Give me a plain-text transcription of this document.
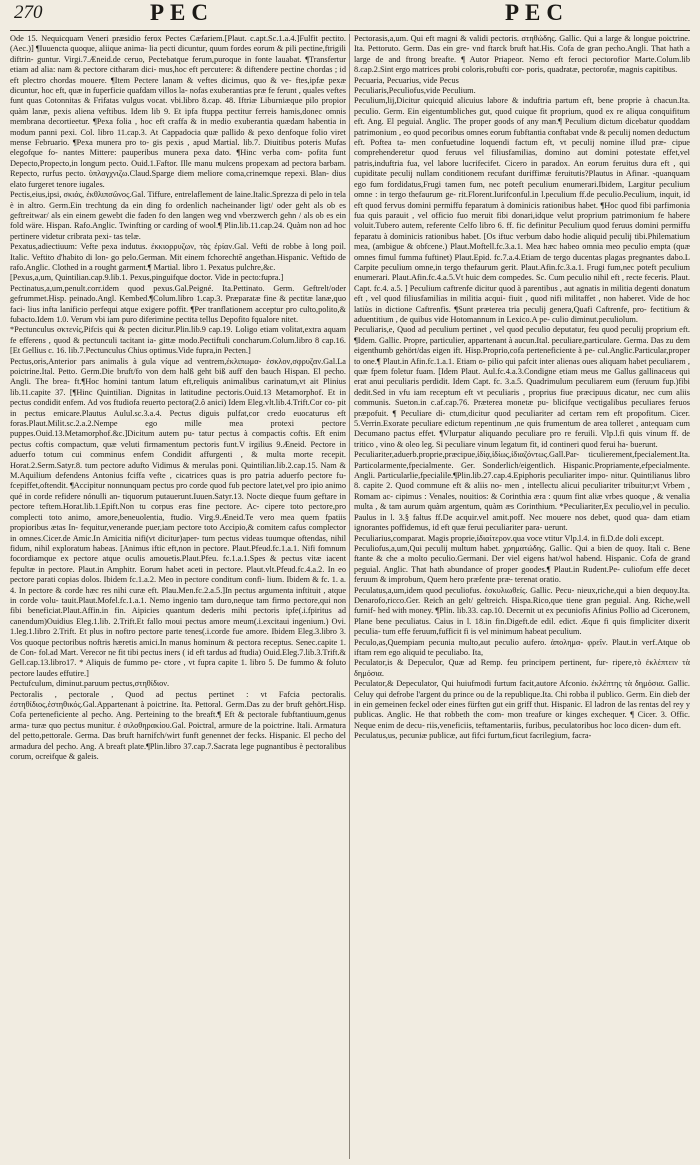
270	PEC	PEC

Ode 15. Nequicquam Veneri præsidio ferox Pectes Cæfariem.[Plaut. c.apt.Sc.1.a.4.]Fulfit pectito.(Aec.)] ¶Iuuencta quoque, aliique anima- lia pecti dicuntur, quum fordes eorum & pili pectine,ftrigili diftrin- guntur. Virgi.7.Æneid.de ceruo, Pectebatque ferum,puroque in fonte lauabat. ¶Transfertur etiam ad alia: nam & pectore citharam dici- mus,hoc eft percutere: & diftendere pectine chordas ; id eft plectro chordas mouere. ¶Item Pectere lanam & veftes dicimus, quo & ve- ftes,ipfæ pexæ dicuntur, hoc eft, quæ in fuperficie quafdam villos la- nofas exuberantias præ fe ferunt , quales veftes funt quas Cotonnitas & Frifatas vulgus vocat. vbi.libro 8.cap. 48. Iftriæ Liburniæque pilo propior quàm lanæ, pexis aliena veftibus. Idem lib 9. Et ipfa ftuppa pectitur ferreis hamis,donec omnis membrana decortieetur. ¶Pexa folia , hoc eft craffa & in medio exuberantia quædam habentia in modum panni pexi. Col. libro 11.cap.3. At Cappadocia quæ pallido & pexo denfoque folio viret mense Februario. ¶Pexa munera pro to- gis pexis , apud Martial. lib.7. Diuitibus poteris Mufas elegofque fo- nantes Mittere: pauperibus munera pexa dato. ¶Hinc verba com- pofita funt Depecto,Propecto,in longum pecto. Ouid.1.Faftor. Ille manu mulcens propexam ad pectora barbam. Repecto, rurfus pecto. ὑπλαγχνιζω.Claud.Sparge diem meliore coma,crinemque repexi. Blan- dius elato furgeret tenore iugales.

Pectis,eius,ipsi, σκιάς, ἐκθλιπσῶνος.Gal. Tiffure, entrelaflement de laine.Italic.Sprezza di pelo in tela è in altro. Germ.Ein trechtung da ein ding fo ordenlich nacheinander ligt/ oder geht als ob es geftreitwar/ als ein einem gewebt die faden fo den langen weg vnd vberzwerch gehn / als ob es ein fold wäre. Hispan. Rafo.Anglic. Twinfting or carding of wool.¶ Plin.lib.11.cap.24. Quàm non ad hoc pertinere videtur cribrata pexi- tas telæ.

Pexatus,adiectiuum: Vefte pexa indutus. ἐκκιορρυζων, τὰς ἐρίαν.Gal. Vefti de robbe à long poil. Italic. Veftito d'habito di lon- go pelo.German. Mit einem fchorechtē angethan.Hispanic. Veftido de rafo.Anglic. Clothed in a rought garment.¶ Martial. libro 1. Pexatus pulchre,&c.

[Pexus,a,um, Quintilian.cap.9.lib.1. Pexus,pinguifque doctor. Vide in pecto:fupra.]

Pectinatus,a,um,penult.corr.idem quod pexus.Gal.Peigné. Ita.Pettinato. Germ. Geftrelt/oder gefrummet.Hisp. peinado.Angl. Kembed.¶Colum.libro 1.cap.3. Præparatæ fine & pectitæ lanæ,quo faci- lius infta lanificio perfequi atque exigere poffit. ¶Per tranflationem acceptur pro culto,polito,& fubacto.Idem 1.0. Verum vbi iam puro diferimine pectita tellus Depofito fqualore nitet.

*Pectunculus σκτενίς,Pifcis qui & pecten dicitur.Plin.lib.9 cap.19. Loligo etiam volitat,extra aquam fe efferens , quod & pectunculi tacitant ia- gittæ modo.Pectiftuli concharum.Colum.libro 8 cap.16. [Et Gellius c. 16. lib.7.Pectunculus Chius optimus.Vide fupra,in Pecten.]

Pectus,oris,Anterior pars animalis à gula víque ad ventrem,ἐκλιπωμα- ἐσκλον,σφρυζαν.Gal.La poictrine.Ital. Petto. Germ.Die bruft/fo von dem halß geht biß auff den bauch Hispan. El pecho. Angli. The brea- ft.¶Hoc homini tantum latum eft,reliquis animalibus carinatum,vt ait Plinius lib.11.capite 37. [¶Hinc Quintilian. Dignitas in latitudine pectoris.Ouid.13 Metamorphof. Et in pectus condidit enfem. Ad vos ftudiofa reuerto pectora(2.ô anici) Idem Eleg.vlt.lib.4.Trift.Cor co- pit in pectus emicare.Plautus Aulul.sc.3.a.4. Pectus diguis pulfat,cor credo euocaturus eft foras.Plaut.Milit.sc.2.a.2.Nempe ego mille mea protexi pectore puppes.Ouid.13.Metamorphof.&c.]Dicitum autem pu- tatur pectus à compactis coftis. Eft enim pectus coftis compactum, quæ veluti firmamentum pectoris funt.V irgilius 9.Æneid. Pectore in aduerfo totum cui comminus enfem Condidit affurgenti , & multa morte recepit. Horat.2.Serm.Satyr.8. tum pectore adufto Vidimus & merulas poni. Quintilian.lib.2.cap.15. Nam & M.Aquilium defendens Antonius fciffa vefte , cicatrices quas is pro patria aduerfo pectore fu- fcepiffet,oftendit. ¶Accipitur nonnunquam pectus pro corde quod fub pectore latet,vel pro ipio animo qué in corde refidere nónulli an- tiquorum putauerunt.Iuuen.Satyr.13. Nocte dieque fuum geftare in pectore teftem.Horat.lib.1.Epift.Non tu corpus eras fine pectore. Ac- cipere toto pectore,pro complecti toto animo, amore,beneuolentia, ftudio. Virg.9.Æneid.Te vero mea quem fpatiis propioribus ætas In- fequitur,venerande puer,iam pectore toto Accipio,& comitem cafus complector in omnes.Cicer.de Amic.In Amicitia nifi(vt dicitur)aper- tum pectus videas tuumque oftendas, nihil fidum, nihil exploratum habeas. [Animus iftic eft,non in pectore. Plaut.Pfeud.fc.1.a.1. Nifi fomnum focordiamque ex pectore atque oculis amouetis.Plaut.Pfeu. fc.1.a.1.Spes & pectus vitæ iacent fepultæ in pectore. Plaut.in Amphitr. Eorum habet aceti in pectore. Plaut.vlt.Pfeud.fc.4.a.2. In eo pectore parati copias dolos. Ibidem fc.1.a.2. Meo in pectore conditum confi- lium. Ibidem & fc. 1. a. 4. In pectore & corde hæc res nihi curæ eft. Plau.Men.fc.2.a.5.]In pectus argumenta inftituit , atque in corde volu- tauit.Plaut.Mofel.fc.1.a.1. Nemo ingenio tam duro,neque tam firmo pectore,qui non fibi beneficiat.Plaut.Affin.in fin. Aipicies quantum dederis mihi pectoris ipfe(.i.fpiritus ad canendum)Ouidius Eleg.1.lib. 2.Trift.Et fallo moui pectus amore meum(.i.excitaui ingenium.) Ovi. 1.leg.1.libro 2.Trift. Et plus in noftro pectore parte tenes(.i.corde fue amore. Ibidem Eleg.3.libro 3. Vos quoque pectoribus noftris hæretis amici.In manus hominum & pectora receptus. Senec.capite 1. de Con- fol.ad Mart. Verecor ne fit tibi pectus iners ( id eft tardus ad ftudia) Ouid.Eleg.7.lib.3.Trift.& Gell.cap.13.libro17. * Aliquis de fummo pe- ctore , vt fupra capite 1. libro 5. De fummo & foluto pectore laudes effutire.]

Pectufculum, diminut.paruum pectus,στηθίδιον.

Pectoralis , pectorale , Quod ad pectus pertinet : vt Fafcia pectoralis. ἐστηθίδιος,ἐστηθικός.Gal.Appartenant à poictrine. Ita. Pettoral. Germ.Das zu der bruft gehört.Hisp. Cofa perteneficiente al pecho. Ang. Perteining to the breaft.¶ Eft & pectorale fubftantiuum,genus arma- turæ quo pectus munitur. ἐ σιλοθηρακίου.Gal. Poictral, armure de la poictrine. Itali. Armatura del petto,pettorale. Germa. Das bruft harnifch/wirt funft genennet der fecks. Hispanic. El pecho del armadura del pecho. Ang. A breaft plate.¶Plin.libro 37.cap.7.Sacrata lege pugnantibus è pectoralibus corum, ocreifque & galeis.

Pectorasis,a,um. Qui eft magni & validi pectoris. στηθώδης. Gallic. Qui a large & longue poictrine. Ita. Pettoruto. Germ. Das ein gre- vnd ftarck bruft hat.His. Cofa de gran pecho.Angli. That hath a large de and ftrong breafte. ¶ Autor Priapeor. Nemo eft feroci pectorofior Marte.Colum.lib 8.cap.2.Sint ergo matrices probi coloris,robufti cor- poris, quadratæ, pectorofæ, magnis capitibus.

Pecuaria, Pecuarius, vide Pecus

Peculiaris,Peculiofus,vide Peculium.

Peculium,lij,Dicitur quicquid alicuius labore & induftria partum eft, bene proprie à chacun.Ita. peculio. Germ. Ein eigentumbliches gut, quod cuique fit proprium, quod ex re aliqua conquifitum eft. Ang. El peguial. Anglic. The proper goods of any man.¶ Peculium dictum dicebatur quoddam patrimonium , eo quod pecoribus omnes eorum fubftantia conftabat vnde & peculij nomen deductum eft. Poftea ta- men confuetudine loquendi factum eft, vt peculij nomine illud præ- cipue comprehenderetur quod feruus vel filiusfamilias, domino aut domini potestate effet,vel patris,induftria fua, vel labore lucrifecifet. Cicero in paradox. An eorum feruitus dura eft , qui cupiditate peculij nullam conditionem recufant duriffimæ feruitutis?Plautus in Afinar. -quanquam ego fum fordidatus,Frugi tamen fum, nec poteft peculium enumerari.Ibidem, Largitur peculium omne : in tergo thefaurum ge- rit.Florent.Iurifconful.in l.peculium ff.de peculio.Peculium, inquit, id eft quod fervus domini permiffu feparatum à dominicis rationibus habet. ¶Hoc quod fibi parfimonia fua quis parauit , vel officio fuo meruit fibi donari,idque velut proprium patrimonium fe habere voluit.Tubero autem, referente Celfo libro 6. ff. fic definitur Peculium quod feruus domini permiffu feparatu à dominicis rationibus habet. [Os iftuc verbum dabo hodie aliquid peculij tibi.Philematium mea, (ambigue & obfcene.) Plaut.Moftell.fc.3.a.1. Mea hæc habeo omnia meo peculio empta (quæ omnes fimul fumma fuftinet) Plaut.Epid. fc.7.a.4.Etiam de tergo ducentas plagas pregnantes dabo.L Carpite peculium omne,in tergo thefaurum gerit. Plaut.Afin.fc.3.a.1. Frugi fum,nec poteft peculium enumerari. Plaut.Afin.fc.4.a.5.Vt huic dem compedes. Sc. Cum peculio nihil eft , recte feceris. Plaut. Capt. fc.4. a.5. ] Peculium caftrenfe dicitur quod à parentibus , aut agnatis in militia degenti donatum eft , vel quod filiusfamilias in militia acqui- fiuit , quod nifi militaffet , non haberet. Vide de hoc latiùs in dictione Caftrenfis. ¶Sunt præterea tria peculij genera,Quafi Caftrenfe, pro- fectitium & aduentitium , de quibus vide Hotomannum in Lexico.A pe- culio diminut.peculiolum.

Peculiaris,e, Quod ad peculium pertinet , vel quod peculio deputatur, feu quod peculij proprium eft. ¶Idem. Gallic. Propre, particulier, appartenant à aucun.Ital. peculiare,particulare. Germa. Das zu dem eigenthumb gehört/das eigen ift. Hisp.Proprio,cofa perteneficiente à pe- cul.Anglic.Particular,proper to one.¶ Plaut.in Afin.fc.1.a.1. Etiam o- pilio qui pafcit inter alienas oues aliquam habet peculiarem , quæ fpem foletur fuam. [Idem Plaut. Aul.fc.4.a.3.Condigne etiam meus me Gallus gallinaceus qui erat anui peculiaris perdidit. Idem Capt. fc. 3.a.5. Quadrimulum peculiarem eum (feruum fup.)fibi dedit.Sed in vfu iam receptum eft vt peculiaris , proprius fiue præcipuus dicatur, nec cum aliis communis. Sueton.in c.af.cap.76. Præterea monetæ pu- blicifque vectigalibus peculiares feruos præpofuit. ¶ Peculiare di- ctum,dicitur quod peculiariter ad certam rem eft propofitum. Cicer. 5.Verrin.Exorate peculiare edictum repentinum ,ne quis frumentum de area tolleret , antequam cum Decumano pactus effet. ¶Vlurpatur aliquando peculiare pro re feruili. Vlp.l.fi quis vinum ff. de tritico , vino & oleo leg. Si peculiare vinum legatum fit, id contineri quod ferui ha- buerunt.

Peculiariter,aduerb.proprie,præcipue,ἰδίᾳ,ἰδίως,ἰδιαζόντως.Gall.Par- ticulierement,fpecialement.Ita. Particolarmente,fpecialmente. Ger. Sonderlich/eigentlich. Hispanic.Propriamente,efpecialmente. Angli. Particularlie,fpecialile.¶Plin.lib.27.cap.4.Epiphoris peculiariter impo- nitur. Quintilianus libro 8. capite 2. Quod commune eft & aliis no- men , intellectu alicui peculiariter tribuitur;vt Vrbem , Romam ac- cipimus : Venales, nouitios: & Corinthia æra : quum fint aliæ vrbes quoque , & venalia multa , & tam aurum quàm argentum, quàm æs Corinthium. *Peculiariter,Ex peculio,vel in peculio. Paulus in l. 3.§ faltus ff.De acquir.vel amit.poff. Nec mouere nos debet, quod qua- dam etiam ignorantes poffidemus, id eft quæ ferui peculiariter para- uerunt.

Peculiarius,comparat. Magis proprie,ἰδιαίτερον.qua voce vtitur Vlp.l.4. in fi.D.de doli except.

Peculiofus,a,um,Qui peculij multum habet. χρηματώδης. Gallic. Qui a bien de quoy. Itali c. Bene ftante & che a molto peculio.Germani. Der viel eigens hat/wol habend. Hispanic. Cofa de grand peguial. Anglic. That hath abundance of proper goodes.¶ Plaut.in Rudent.Pe- culiofum effe decet feruum & improbum, Quem hero præfente præ- terenat oratio.

Peculatus,a,um,idem quod peculiofus. ἐσκυλιωθείς. Gallic. Pecu- nieux,riche,qui a bien dequoy.Ita. Denarofo,ricco.Ger. Reich an gelt/ geltreich. Hispa.Rico,que tiene gran peguial. Ang. Riche,well furnif- hed with money. ¶Plin. lib.33. cap.10. Decernit ut ex pecuniofis Afinius Pollio ad Ciceronem, Plane bene peculiatus. Caius in l. 18.in fin.Digeft.de edil. edict. Æque fi quis fimpliciter dixerit peculia- tum effe feruum,fufficit fi is vel minimum habeat peculium.

Peculo,as,Quempiam pecunia multo,aut peculio aufero. ἀπολημα- φρεῖν. Plaut.in verf.Atque ob iftam rem ego aliquid te peculiabo. Ita,

Peculator,is & Depeculor, Quæ ad Remp. feu principem pertinent, fur- ripere,τὸ ἐκλέπτειν τὰ δημόσια.

Peculator,& Depeculator, Qui huiufmodi furtum facit,autore Afconio. ἐκλέπτης τὰ δημόσια. Gallic. Celuy qui defrobe l'argent du prince ou de la republique.Ita. Chi robba il publico. Germ. Ein dieb der in ein gemeinen feckel oder eines fürften gut ein griff thut. Hispanic. El ladron de las rentas del rey y publicas. Anglic. He that robbeth the com- mon treafure or kinges exchequer. ¶ Cicer. 3. Offic. Neque enim de decu- riis,veneficiis, teftamentariis, furibus, peculatoribus hoc loco dicen- dum eft.

Peculatus,us, pecuniæ publicæ, aut fifci furtum,ficut facrilegium, facra-
